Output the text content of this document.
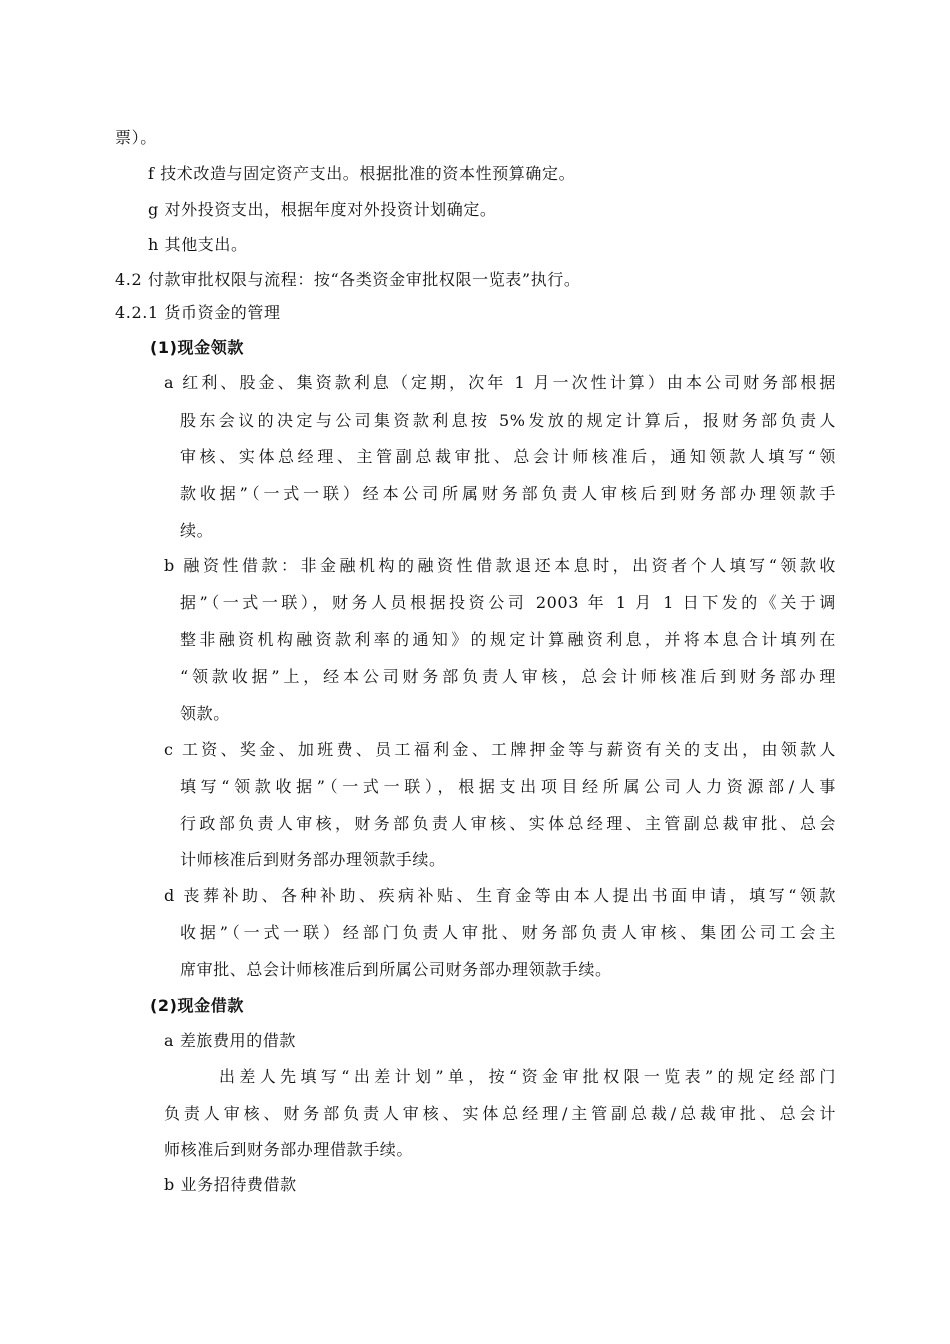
票）。
f 技术改造与固定资产支出。根据批准的资本性预算确定。
g 对外投资支出，根据年度对外投资计划确定。
h 其他支出。
4.2 付款审批权限与流程：按“各类资金审批权限一览表”执行。
4.2.1 货币资金的管理
(1)现金领款
a 红利、股金、集资款利息（定期，次年 1 月一次性计算）由本公司财务部根据
股东会议的决定与公司集资款利息按 5%发放的规定计算后，报财务部负责人
审核、实体总经理、主管副总裁审批、总会计师核准后，通知领款人填写“领
款收据”（一式一联）经本公司所属财务部负责人审核后到财务部办理领款手
续。
b 融资性借款：非金融机构的融资性借款退还本息时，出资者个人填写“领款收
据”（一式一联），财务人员根据投资公司 2003 年 1 月 1 日下发的《关于调
整非融资机构融资款利率的通知》的规定计算融资利息，并将本息合计填列在
“领款收据”上，经本公司财务部负责人审核，总会计师核准后到财务部办理
领款。
c 工资、奖金、加班费、员工福利金、工牌押金等与薪资有关的支出，由领款人
填写“领款收据”（一式一联），根据支出项目经所属公司人力资源部/人事
行政部负责人审核，财务部负责人审核、实体总经理、主管副总裁审批、总会
计师核准后到财务部办理领款手续。
d 丧葬补助、各种补助、疾病补贴、生育金等由本人提出书面申请，填写“领款
收据”（一式一联）经部门负责人审批、财务部负责人审核、集团公司工会主
席审批、总会计师核准后到所属公司财务部办理领款手续。
(2)现金借款
a 差旅费用的借款
出差人先填写“出差计划”单，按“资金审批权限一览表”的规定经部门
负责人审核、财务部负责人审核、实体总经理/主管副总裁/总裁审批、总会计
师核准后到财务部办理借款手续。
b 业务招待费借款
